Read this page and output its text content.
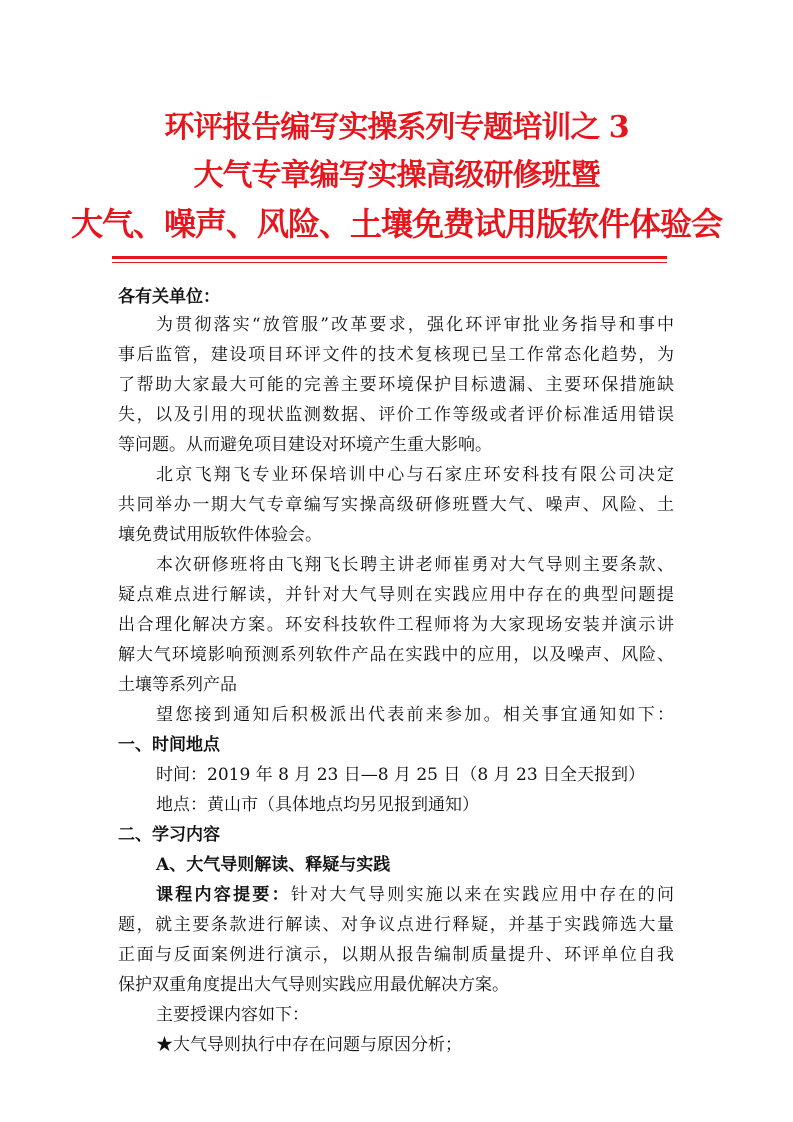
环评报告编写实操系列专题培训之 3
大气专章编写实操高级研修班暨
大气、噪声、风险、土壤免费试用版软件体验会
各有关单位：
为贯彻落实“放管服”改革要求，强化环评审批业务指导和事中
事后监管，建设项目环评文件的技术复核现已呈工作常态化趋势，为
了帮助大家最大可能的完善主要环境保护目标遗漏、主要环保措施缺
失，以及引用的现状监测数据、评价工作等级或者评价标准适用错误
等问题。从而避免项目建设对环境产生重大影响。
北京飞翔飞专业环保培训中心与石家庄环安科技有限公司决定
共同举办一期大气专章编写实操高级研修班暨大气、噪声、风险、土
壤免费试用版软件体验会。
本次研修班将由飞翔飞长聘主讲老师崔勇对大气导则主要条款、
疑点难点进行解读，并针对大气导则在实践应用中存在的典型问题提
出合理化解决方案。环安科技软件工程师将为大家现场安装并演示讲
解大气环境影响预测系列软件产品在实践中的应用，以及噪声、风险、
土壤等系列产品
望您接到通知后积极派出代表前来参加。相关事宜通知如下：
一、时间地点
时间：2019 年 8 月 23 日—8 月 25 日（8 月 23 日全天报到）
地点：黄山市（具体地点均另见报到通知）
二、学习内容
A、大气导则解读、释疑与实践
课程内容提要：针对大气导则实施以来在实践应用中存在的问
题，就主要条款进行解读、对争议点进行释疑，并基于实践筛选大量
正面与反面案例进行演示，以期从报告编制质量提升、环评单位自我
保护双重角度提出大气导则实践应用最优解决方案。
主要授课内容如下：
★大气导则执行中存在问题与原因分析；
